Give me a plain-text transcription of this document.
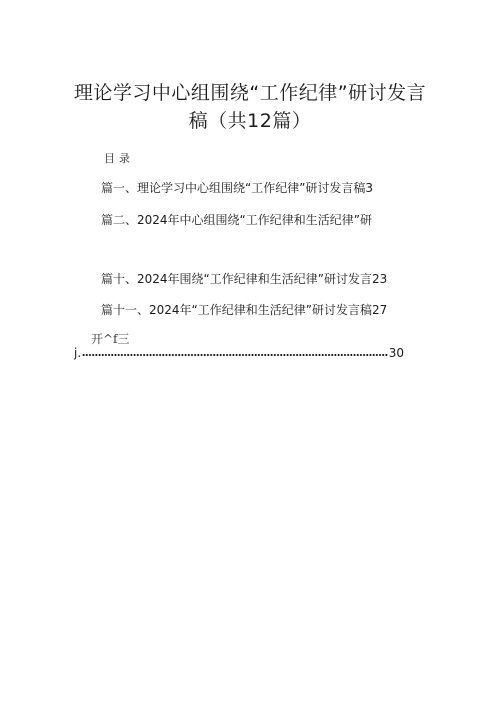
理论学习中心组围绕“工作纪律”研讨发言
稿（共12篇）
目录
篇一、理论学习中心组围绕“工作纪律”研讨发言稿3
篇二、2024年中心组围绕“工作纪律和生活纪律”研
篇十、2024年围绕“工作纪律和生活纪律”研讨发言23
篇十一、2024年“工作纪律和生活纪律”研讨发言稿27
开^f三
j.	30
